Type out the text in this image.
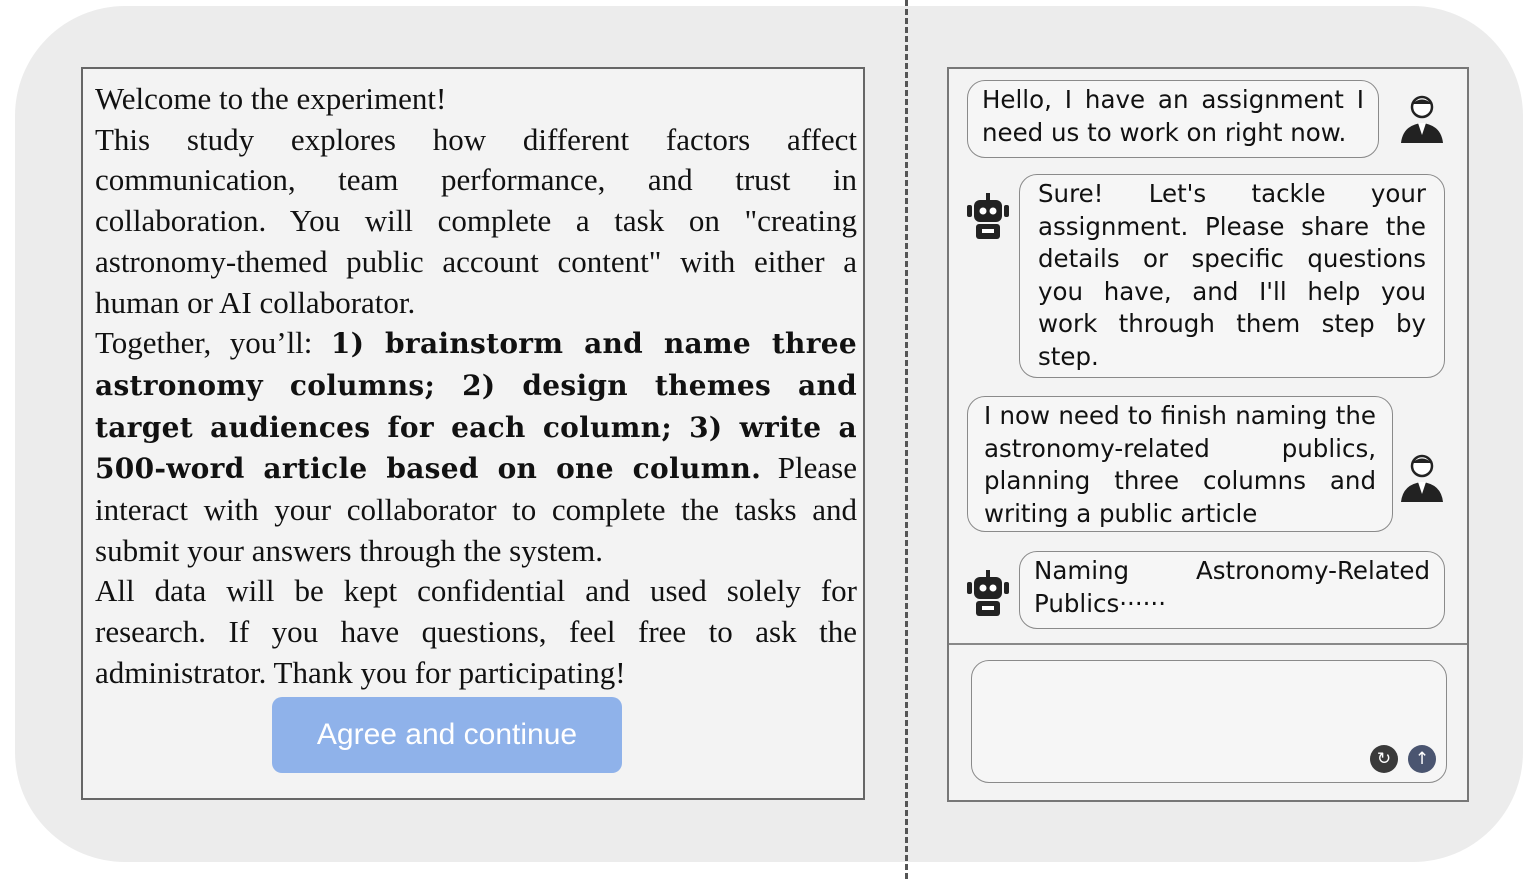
Welcome to the experiment!

This study explores how different factors affect communication, team performance, and trust in collaboration. You will complete a task on "creating astronomy-themed public account content" with either a human or AI collaborator.

Together, you’ll: 1) brainstorm and name three astronomy columns; 2) design themes and target audiences for each column; 3) write a 500-word article based on one column. Please interact with your collaborator to complete the tasks and submit your answers through the system.

All data will be kept confidential and used solely for research. If you have questions, feel free to ask the administrator. Thank you for participating!

Agree and continue
Hello, I have an assignment I need us to work on right now.
Sure! Let's tackle your assignment. Please share the details or specific questions you have, and I'll help you work through them step by step.
I now need to finish naming the astronomy-related publics, planning three columns and writing a public article
Naming Astronomy-Related Publics······
↻	↑
